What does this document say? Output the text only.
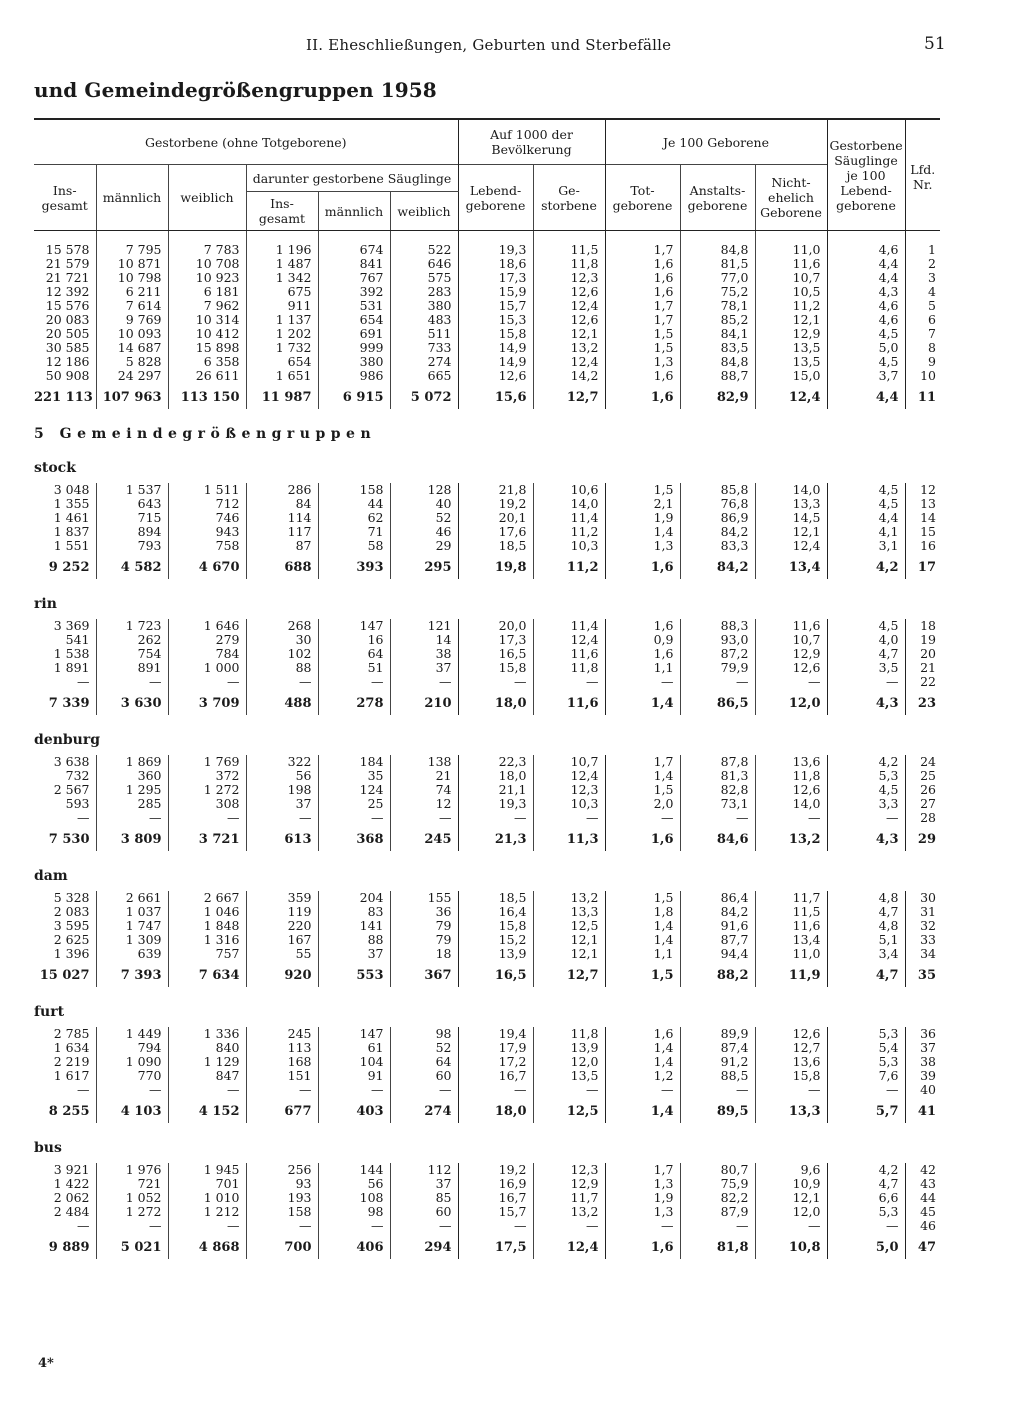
II. Eheschließungen, Geburten und Sterbefälle	51
und Gemeindegrößengruppen 1958
Gestorbene (ohne Totgeborene)						Auf 1000 der Bevölkerung		Je 100 Geborene			Gestorbene Säuglinge je 100 Lebend-geborene	Lfd. Nr.
Ins-gesamt	männlich	weiblich	darunter gestorbene Säuglinge			Lebend-geborene	Ge-storbene	Tot-geborene	Anstalts-geborene	Nicht-ehelich Geborene		
			Ins-gesamt	männlich	weiblich							
15 578	7 795	7 783	1 196	674	522	19,3	11,5	1,7	84,8	11,0	4,6	1
21 579	10 871	10 708	1 487	841	646	18,6	11,8	1,6	81,5	11,6	4,4	2
21 721	10 798	10 923	1 342	767	575	17,3	12,3	1,6	77,0	10,7	4,4	3
12 392	6 211	6 181	675	392	283	15,9	12,6	1,6	75,2	10,5	4,3	4
15 576	7 614	7 962	911	531	380	15,7	12,4	1,7	78,1	11,2	4,6	5
20 083	9 769	10 314	1 137	654	483	15,3	12,6	1,7	85,2	12,1	4,6	6
20 505	10 093	10 412	1 202	691	511	15,8	12,1	1,5	84,1	12,9	4,5	7
30 585	14 687	15 898	1 732	999	733	14,9	13,2	1,5	83,5	13,5	5,0	8
12 186	5 828	6 358	654	380	274	14,9	12,4	1,3	84,8	13,5	4,5	9
50 908	24 297	26 611	1 651	986	665	12,6	14,2	1,6	88,7	15,0	3,7	10
221 113	107 963	113 150	11 987	6 915	5 072	15,6	12,7	1,6	82,9	12,4	4,4	11
5 Gemeindegrößengruppen												
stock												
3 048	1 537	1 511	286	158	128	21,8	10,6	1,5	85,8	14,0	4,5	12
1 355	643	712	84	44	40	19,2	14,0	2,1	76,8	13,3	4,5	13
1 461	715	746	114	62	52	20,1	11,4	1,9	86,9	14,5	4,4	14
1 837	894	943	117	71	46	17,6	11,2	1,4	84,2	12,1	4,1	15
1 551	793	758	87	58	29	18,5	10,3	1,3	83,3	12,4	3,1	16
9 252	4 582	4 670	688	393	295	19,8	11,2	1,6	84,2	13,4	4,2	17
rin												
3 369	1 723	1 646	268	147	121	20,0	11,4	1,6	88,3	11,6	4,5	18
541	262	279	30	16	14	17,3	12,4	0,9	93,0	10,7	4,0	19
1 538	754	784	102	64	38	16,5	11,6	1,6	87,2	12,9	4,7	20
1 891	891	1 000	88	51	37	15,8	11,8	1,1	79,9	12,6	3,5	21
—	—	—	—	—	—	—	—	—	—	—	—	22
7 339	3 630	3 709	488	278	210	18,0	11,6	1,4	86,5	12,0	4,3	23
denburg												
3 638	1 869	1 769	322	184	138	22,3	10,7	1,7	87,8	13,6	4,2	24
732	360	372	56	35	21	18,0	12,4	1,4	81,3	11,8	5,3	25
2 567	1 295	1 272	198	124	74	21,1	12,3	1,5	82,8	12,6	4,5	26
593	285	308	37	25	12	19,3	10,3	2,0	73,1	14,0	3,3	27
—	—	—	—	—	—	—	—	—	—	—	—	28
7 530	3 809	3 721	613	368	245	21,3	11,3	1,6	84,6	13,2	4,3	29
dam												
5 328	2 661	2 667	359	204	155	18,5	13,2	1,5	86,4	11,7	4,8	30
2 083	1 037	1 046	119	83	36	16,4	13,3	1,8	84,2	11,5	4,7	31
3 595	1 747	1 848	220	141	79	15,8	12,5	1,4	91,6	11,6	4,8	32
2 625	1 309	1 316	167	88	79	15,2	12,1	1,4	87,7	13,4	5,1	33
1 396	639	757	55	37	18	13,9	12,1	1,1	94,4	11,0	3,4	34
15 027	7 393	7 634	920	553	367	16,5	12,7	1,5	88,2	11,9	4,7	35
furt												
2 785	1 449	1 336	245	147	98	19,4	11,8	1,6	89,9	12,6	5,3	36
1 634	794	840	113	61	52	17,9	13,9	1,4	87,4	12,7	5,4	37
2 219	1 090	1 129	168	104	64	17,2	12,0	1,4	91,2	13,6	5,3	38
1 617	770	847	151	91	60	16,7	13,5	1,2	88,5	15,8	7,6	39
—	—	—	—	—	—	—	—	—	—	—	—	40
8 255	4 103	4 152	677	403	274	18,0	12,5	1,4	89,5	13,3	5,7	41
bus												
3 921	1 976	1 945	256	144	112	19,2	12,3	1,7	80,7	9,6	4,2	42
1 422	721	701	93	56	37	16,9	12,9	1,3	75,9	10,9	4,7	43
2 062	1 052	1 010	193	108	85	16,7	11,7	1,9	82,2	12,1	6,6	44
2 484	1 272	1 212	158	98	60	15,7	13,2	1,3	87,9	12,0	5,3	45
—	—	—	—	—	—	—	—	—	—	—	—	46
9 889	5 021	4 868	700	406	294	17,5	12,4	1,6	81,8	10,8	5,0	47
4*
